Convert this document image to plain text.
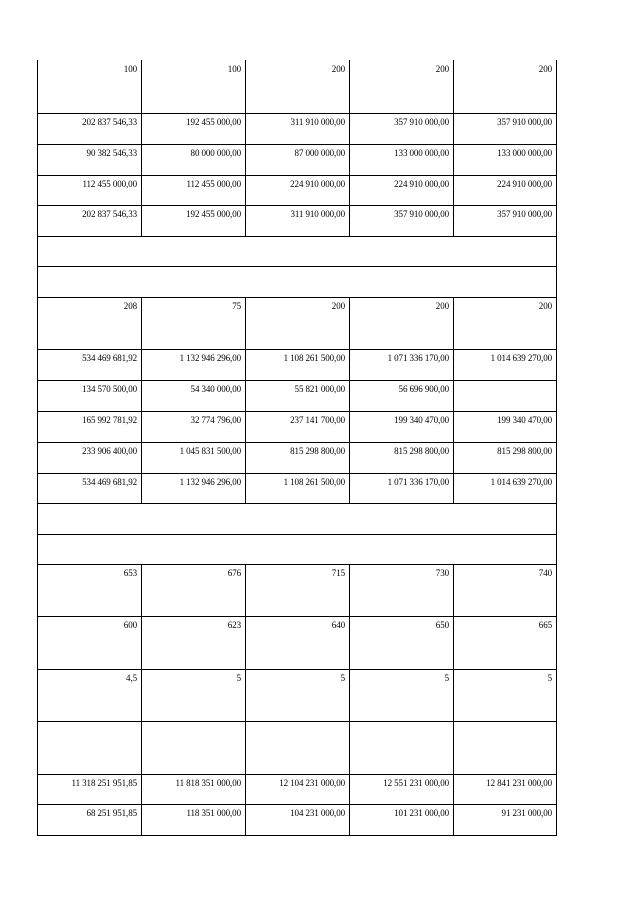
100	100	200	200	200
202 837 546,33	192 455 000,00	311 910 000,00	357 910 000,00	357 910 000,00
90 382 546,33	80 000 000,00	87 000 000,00	133 000 000,00	133 000 000,00
112 455 000,00	112 455 000,00	224 910 000,00	224 910 000,00	224 910 000,00
202 837 546,33	192 455 000,00	311 910 000,00	357 910 000,00	357 910 000,00
208	75	200	200	200
534 469 681,92	1 132 946 296,00	1 108 261 500,00	1 071 336 170,00	1 014 639 270,00
134 570 500,00	54 340 000,00	55 821 000,00	56 696 900,00
165 992 781,92	32 774 796,00	237 141 700,00	199 340 470,00	199 340 470,00
233 906 400,00	1 045 831 500,00	815 298 800,00	815 298 800,00	815 298 800,00
534 469 681,92	1 132 946 296,00	1 108 261 500,00	1 071 336 170,00	1 014 639 270,00
653	676	715	730	740
600	623	640	650	665
4,5	5	5	5	5
11 318 251 951,85	11 818 351 000,00	12 104 231 000,00	12 551 231 000,00	12 841 231 000,00
68 251 951,85	118 351 000,00	104 231 000,00	101 231 000,00	91 231 000,00
